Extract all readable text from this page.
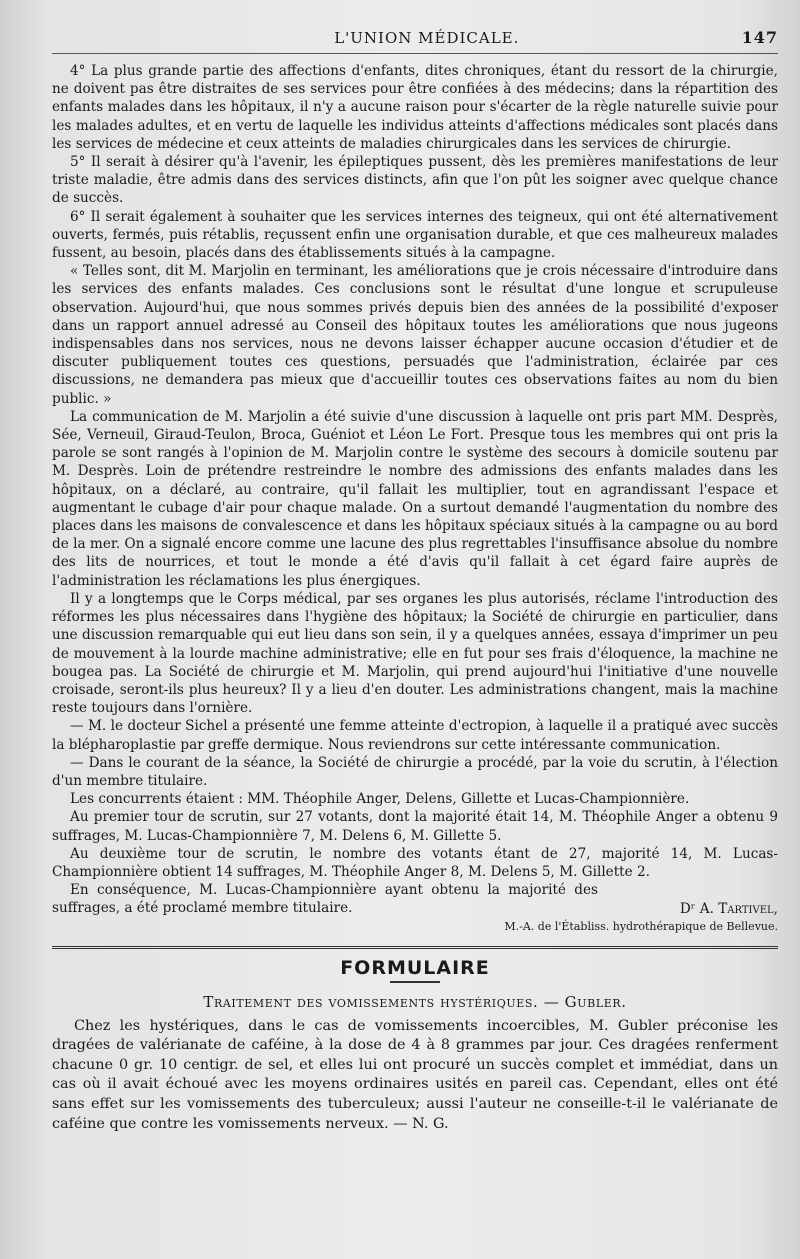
L'UNION MÉDICALE.	147

4° La plus grande partie des affections d'enfants, dites chroniques, étant du ressort de la chirurgie, ne doivent pas être distraites de ses services pour être confiées à des médecins; dans la répartition des enfants malades dans les hôpitaux, il n'y a aucune raison pour s'écarter de la règle naturelle suivie pour les malades adultes, et en vertu de laquelle les individus atteints d'affections médicales sont placés dans les services de médecine et ceux atteints de maladies chirurgicales dans les services de chirurgie.

5° Il serait à désirer qu'à l'avenir, les épileptiques pussent, dès les premières manifestations de leur triste maladie, être admis dans des services distincts, afin que l'on pût les soigner avec quelque chance de succès.

6° Il serait également à souhaiter que les services internes des teigneux, qui ont été alternativement ouverts, fermés, puis rétablis, reçussent enfin une organisation durable, et que ces malheureux malades fussent, au besoin, placés dans des établissements situés à la campagne.

« Telles sont, dit M. Marjolin en terminant, les améliorations que je crois nécessaire d'introduire dans les services des enfants malades. Ces conclusions sont le résultat d'une longue et scrupuleuse observation. Aujourd'hui, que nous sommes privés depuis bien des années de la possibilité d'exposer dans un rapport annuel adressé au Conseil des hôpitaux toutes les améliorations que nous jugeons indispensables dans nos services, nous ne devons laisser échapper aucune occasion d'étudier et de discuter publiquement toutes ces questions, persuadés que l'administration, éclairée par ces discussions, ne demandera pas mieux que d'accueillir toutes ces observations faites au nom du bien public. »

La communication de M. Marjolin a été suivie d'une discussion à laquelle ont pris part MM. Desprès, Sée, Verneuil, Giraud-Teulon, Broca, Guéniot et Léon Le Fort. Presque tous les membres qui ont pris la parole se sont rangés à l'opinion de M. Marjolin contre le système des secours à domicile soutenu par M. Desprès. Loin de prétendre restreindre le nombre des admissions des enfants malades dans les hôpitaux, on a déclaré, au contraire, qu'il fallait les multiplier, tout en agrandissant l'espace et augmentant le cubage d'air pour chaque malade. On a surtout demandé l'augmentation du nombre des places dans les maisons de convalescence et dans les hôpitaux spéciaux situés à la campagne ou au bord de la mer. On a signalé encore comme une lacune des plus regrettables l'insuffisance absolue du nombre des lits de nourrices, et tout le monde a été d'avis qu'il fallait à cet égard faire auprès de l'administration les réclamations les plus énergiques.

Il y a longtemps que le Corps médical, par ses organes les plus autorisés, réclame l'introduction des réformes les plus nécessaires dans l'hygiène des hôpitaux; la Société de chirurgie en particulier, dans une discussion remarquable qui eut lieu dans son sein, il y a quelques années, essaya d'imprimer un peu de mouvement à la lourde machine administrative; elle en fut pour ses frais d'éloquence, la machine ne bougea pas. La Société de chirurgie et M. Marjolin, qui prend aujourd'hui l'initiative d'une nouvelle croisade, seront-ils plus heureux? Il y a lieu d'en douter. Les administrations changent, mais la machine reste toujours dans l'ornière.

— M. le docteur Sichel a présenté une femme atteinte d'ectropion, à laquelle il a pratiqué avec succès la blépharoplastie par greffe dermique. Nous reviendrons sur cette intéressante communication.

— Dans le courant de la séance, la Société de chirurgie a procédé, par la voie du scrutin, à l'élection d'un membre titulaire.

Les concurrents étaient : MM. Théophile Anger, Delens, Gillette et Lucas-Championnière.

Au premier tour de scrutin, sur 27 votants, dont la majorité était 14, M. Théophile Anger a obtenu 9 suffrages, M. Lucas-Championnière 7, M. Delens 6, M. Gillette 5.

Au deuxième tour de scrutin, le nombre des votants étant de 27, majorité 14, M. Lucas-Championnière obtient 14 suffrages, M. Théophile Anger 8, M. Delens 5, M. Gillette 2.

En conséquence, M. Lucas-Championnière ayant obtenu la majorité des suffrages, a été proclamé membre titulaire.	Dʳ A. Tartivel,
M.-A. de l'Établiss. hydrothérapique de Bellevue.
FORMULAIRE
Traitement des vomissements hystériques. — Gubler.

Chez les hystériques, dans le cas de vomissements incoercibles, M. Gubler préconise les dragées de valérianate de caféine, à la dose de 4 à 8 grammes par jour. Ces dragées renferment chacune 0 gr. 10 centigr. de sel, et elles lui ont procuré un succès complet et immédiat, dans un cas où il avait échoué avec les moyens ordinaires usités en pareil cas. Cependant, elles ont été sans effet sur les vomissements des tuberculeux; aussi l'auteur ne conseille-t-il le valérianate de caféine que contre les vomissements nerveux. — N. G.
